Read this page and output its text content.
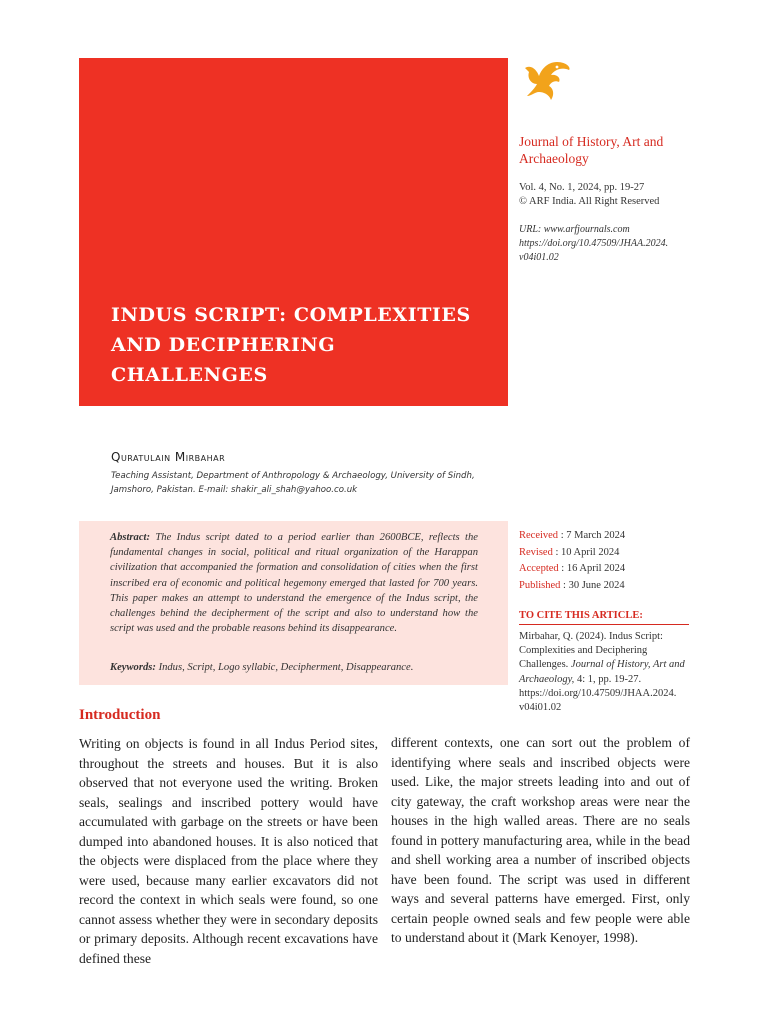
INDUS SCRIPT: COMPLEXITIES
AND DECIPHERING
CHALLENGES
Journal of History, Art and Archaeology
Vol. 4, No. 1, 2024, pp. 19-27
© ARF India. All Right Reserved
URL: www.arfjournals.com
https://doi.org/10.47509/JHAA.2024.
v04i01.02
Quratulain Mirbahar
Teaching Assistant, Department of Anthropology & Archaeology, University of Sindh,
Jamshoro, Pakistan. E-mail: shakir_ali_shah@yahoo.co.uk

Abstract: The Indus script dated to a period earlier than 2600BCE, reflects the fundamental changes in social, political and ritual organization of the Harappan civilization that accompanied the formation and consolidation of cities when the first inscribed era of economic and political hegemony emerged that lasted for 700 years. This paper makes an attempt to understand the emergence of the Indus script, the challenges behind the decipherment of the script and also to understand how the script was used and the probable reasons behind its disappearance.

Keywords: Indus, Script, Logo syllabic, Decipherment, Disappearance.
Received : 7 March 2024
Revised : 10 April 2024
Accepted : 16 April 2024
Published : 30 June 2024
TO CITE THIS ARTICLE:
Mirbahar, Q. (2024). Indus Script: Complexities and Deciphering Challenges. Journal of History, Art and Archaeology, 4: 1, pp. 19-27. https://doi.org/10.47509/JHAA.2024. v04i01.02
Introduction
Writing on objects is found in all Indus Period sites, throughout the streets and houses. But it is also observed that not everyone used the writing. Broken seals, sealings and inscribed pottery would have accumulated with garbage on the streets or have been dumped into abandoned houses. It is also noticed that the objects were displaced from the place where they were used, because many earlier excavators did not record the context in which seals were found, so one cannot assess whether they were in secondary deposits or primary deposits. Although recent excavations have defined these
different contexts, one can sort out the problem of identifying where seals and inscribed objects were used. Like, the major streets leading into and out of city gateway, the craft workshop areas were near the houses in the high walled areas. There are no seals found in pottery manufacturing area, while in the bead and shell working area a number of inscribed objects have been found. The script was used in different ways and several patterns have emerged. First, only certain people owned seals and few people were able to understand about it (Mark Kenoyer, 1998).
